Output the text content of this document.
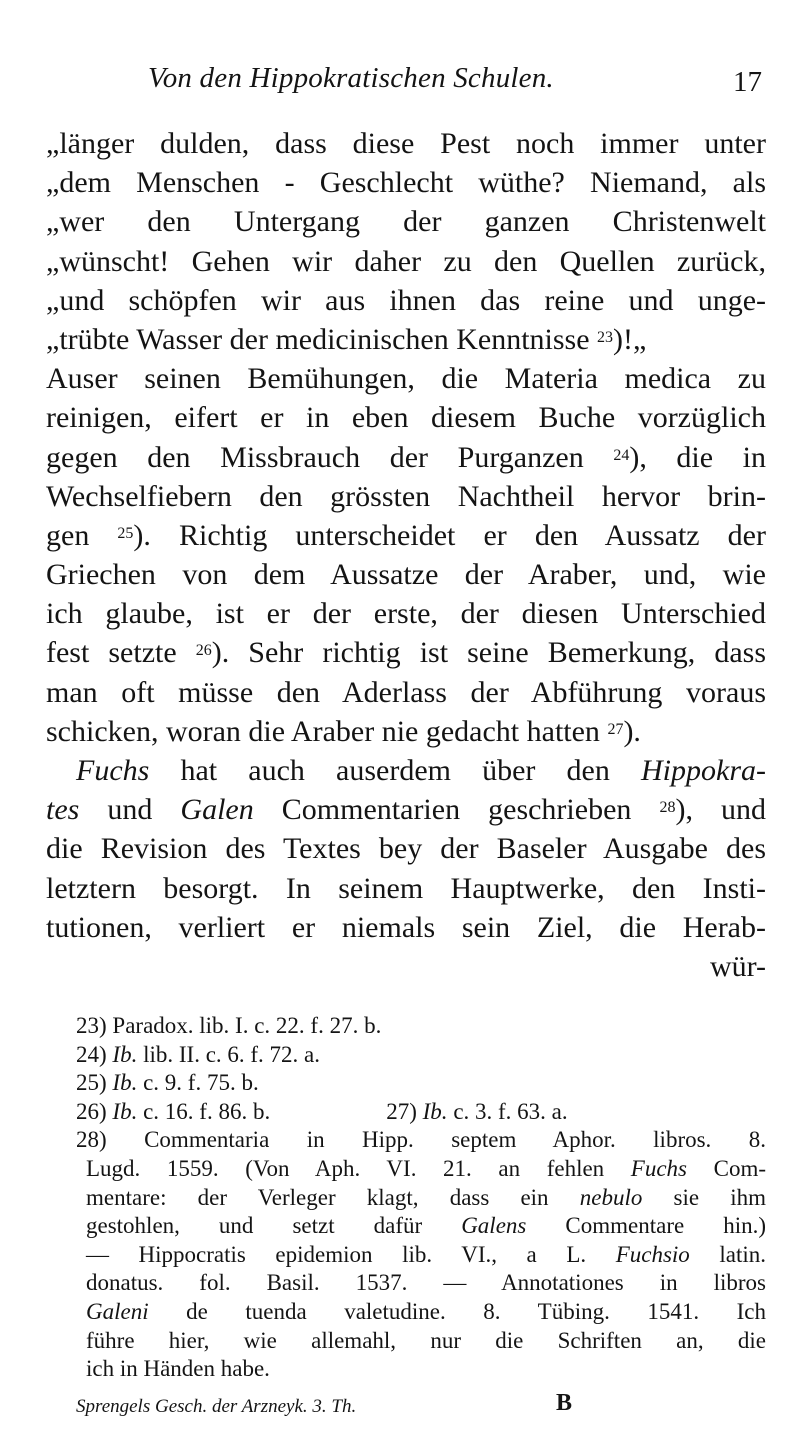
Von den Hippokratischen Schulen.	17
„länger dulden, dass diese Pest noch immer unter
„dem Menschen - Geschlecht wüthe? Niemand, als
„wer den Untergang der ganzen Christenwelt
„wünscht! Gehen wir daher zu den Quellen zurück,
„und schöpfen wir aus ihnen das reine und unge-
„trübte Wasser der medicinischen Kenntnisse $^{23}$)!„
Auser seinen Bemühungen, die Materia medica zu
reinigen, eifert er in eben diesem Buche vorzüglich
gegen den Missbrauch der Purganzen $^{24}$), die in
Wechselfiebern den grössten Nachtheil hervor brin-
gen $^{25}$). Richtig unterscheidet er den Aussatz der
Griechen von dem Aussatze der Araber, und, wie
ich glaube, ist er der erste, der diesen Unterschied
fest setzte $^{26}$). Sehr richtig ist seine Bemerkung, dass
man oft müsse den Aderlass der Abführung voraus
schicken, woran die Araber nie gedacht hatten $^{27}$).
Fuchs hat auch auserdem über den Hippokra-
tes und Galen Commentarien geschrieben $^{28}$), und
die Revision des Textes bey der Baseler Ausgabe des
letztern besorgt. In seinem Hauptwerke, den Insti-
tutionen, verliert er niemals sein Ziel, die Herab-
wür-
23) Paradox. lib. I. c. 22. f. 27. b.
24) Ib. lib. II. c. 6. f. 72. a.
25) Ib. c. 9. f. 75. b.
26) Ib. c. 16. f. 86. b.	27) Ib. c. 3. f. 63. a.
28) Commentaria in Hipp. septem Aphor. libros. 8.
Lugd. 1559. (Von Aph. VI. 21. an fehlen Fuchs Com-
mentare: der Verleger klagt, dass ein nebulo sie ihm
gestohlen, und setzt dafür Galens Commentare hin.)
— Hippocratis epidemion lib. VI., a L. Fuchsio latin.
donatus. fol. Basil. 1537. — Annotationes in libros
Galeni de tuenda valetudine. 8. Tübing. 1541. Ich
führe hier, wie allemahl, nur die Schriften an, die
ich in Händen habe.
Sprengels Gesch. der Arzneyk. 3. Th.	B
